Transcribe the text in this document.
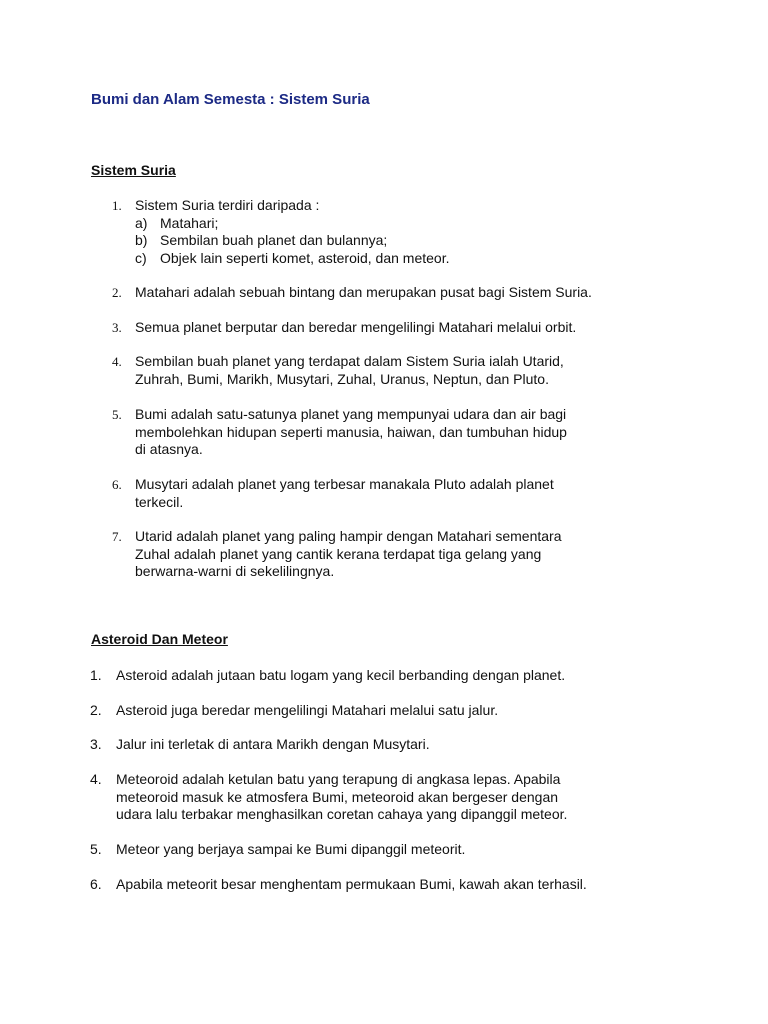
Bumi dan Alam Semesta : Sistem Suria
Sistem Suria
1. Sistem Suria terdiri daripada :
a) Matahari;
b) Sembilan buah planet dan bulannya;
c) Objek lain seperti komet, asteroid, dan meteor.
2. Matahari adalah sebuah bintang dan merupakan pusat bagi Sistem Suria.
3. Semua planet berputar dan beredar mengelilingi Matahari melalui orbit.
4. Sembilan buah planet yang terdapat dalam Sistem Suria ialah Utarid,
Zuhrah, Bumi, Marikh, Musytari, Zuhal, Uranus, Neptun, dan Pluto.
5. Bumi adalah satu-satunya planet yang mempunyai udara dan air bagi
membolehkan hidupan seperti manusia, haiwan, dan tumbuhan hidup
di atasnya.
6. Musytari adalah planet yang terbesar manakala Pluto adalah planet
terkecil.
7. Utarid adalah planet yang paling hampir dengan Matahari sementara
Zuhal adalah planet yang cantik kerana terdapat tiga gelang yang
berwarna-warni di sekelilingnya.
Asteroid Dan Meteor
1. Asteroid adalah jutaan batu logam yang kecil berbanding dengan planet.
2. Asteroid juga beredar mengelilingi Matahari melalui satu jalur.
3. Jalur ini terletak di antara Marikh dengan Musytari.
4. Meteoroid adalah ketulan batu yang terapung di angkasa lepas. Apabila
meteoroid masuk ke atmosfera Bumi, meteoroid akan bergeser dengan
udara lalu terbakar menghasilkan coretan cahaya yang dipanggil meteor.
5. Meteor yang berjaya sampai ke Bumi dipanggil meteorit.
6. Apabila meteorit besar menghentam permukaan Bumi, kawah akan terhasil.
